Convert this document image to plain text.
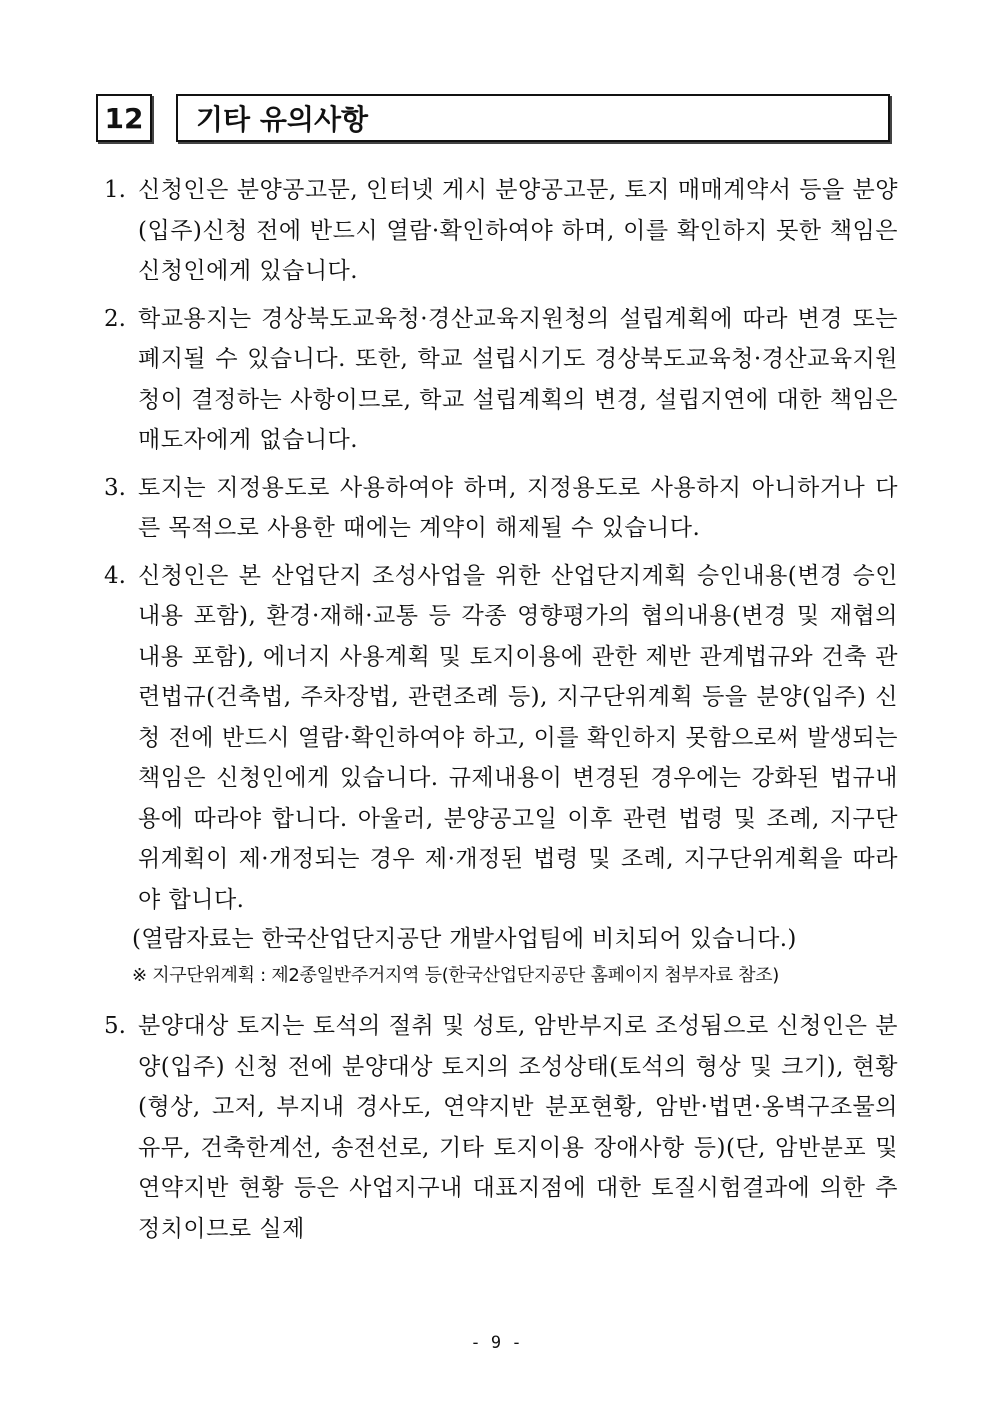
12	기타 유의사항
1. 신청인은 분양공고문, 인터넷 게시 분양공고문, 토지 매매계약서 등을 분양(입주)신청 전에 반드시 열람·확인하여야 하며, 이를 확인하지 못한 책임은 신청인에게 있습니다.
2. 학교용지는 경상북도교육청·경산교육지원청의 설립계획에 따라 변경 또는 폐지될 수 있습니다. 또한, 학교 설립시기도 경상북도교육청·경산교육지원청이 결정하는 사항이므로, 학교 설립계획의 변경, 설립지연에 대한 책임은 매도자에게 없습니다.
3. 토지는 지정용도로 사용하여야 하며, 지정용도로 사용하지 아니하거나 다른 목적으로 사용한 때에는 계약이 해제될 수 있습니다.
4. 신청인은 본 산업단지 조성사업을 위한 산업단지계획 승인내용(변경 승인내용 포함), 환경·재해·교통 등 각종 영향평가의 협의내용(변경 및 재협의내용 포함), 에너지 사용계획 및 토지이용에 관한 제반 관계법규와 건축 관련법규(건축법, 주차장법, 관련조례 등), 지구단위계획 등을 분양(입주) 신청 전에 반드시 열람·확인하여야 하고, 이를 확인하지 못함으로써 발생되는 책임은 신청인에게 있습니다. 규제내용이 변경된 경우에는 강화된 법규내용에 따라야 합니다. 아울러, 분양공고일 이후 관련 법령 및 조례, 지구단위계획이 제·개정되는 경우 제·개정된 법령 및 조례, 지구단위계획을 따라야 합니다.
(열람자료는 한국산업단지공단 개발사업팀에 비치되어 있습니다.)
※ 지구단위계획 : 제2종일반주거지역 등(한국산업단지공단 홈페이지 첨부자료 참조)
5. 분양대상 토지는 토석의 절취 및 성토, 암반부지로 조성됨으로 신청인은 분양(입주) 신청 전에 분양대상 토지의 조성상태(토석의 형상 및 크기), 현황(형상, 고저, 부지내 경사도, 연약지반 분포현황, 암반·법면·옹벽구조물의 유무, 건축한계선, 송전선로, 기타 토지이용 장애사항 등)(단, 암반분포 및 연약지반 현황 등은 사업지구내 대표지점에 대한 토질시험결과에 의한 추정치이므로 실제
- 9 -
